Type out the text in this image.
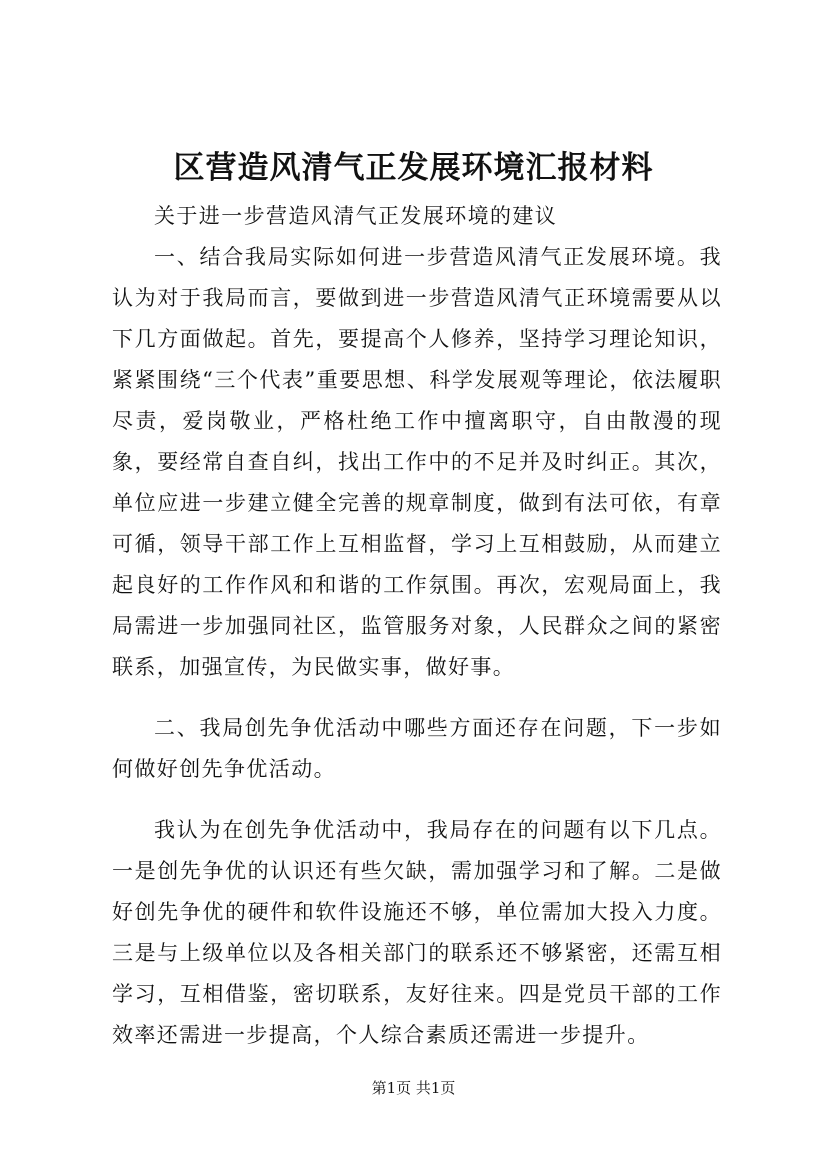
区营造风清气正发展环境汇报材料

关于进一步营造风清气正发展环境的建议

一、结合我局实际如何进一步营造风清气正发展环境。我认为对于我局而言，要做到进一步营造风清气正环境需要从以下几方面做起。首先，要提高个人修养，坚持学习理论知识，紧紧围绕“三个代表”重要思想、科学发展观等理论，依法履职尽责，爱岗敬业，严格杜绝工作中擅离职守，自由散漫的现象，要经常自查自纠，找出工作中的不足并及时纠正。其次，单位应进一步建立健全完善的规章制度，做到有法可依，有章可循，领导干部工作上互相监督，学习上互相鼓励，从而建立起良好的工作作风和和谐的工作氛围。再次，宏观局面上，我局需进一步加强同社区，监管服务对象，人民群众之间的紧密联系，加强宣传，为民做实事，做好事。

二、我局创先争优活动中哪些方面还存在问题，下一步如何做好创先争优活动。

我认为在创先争优活动中，我局存在的问题有以下几点。一是创先争优的认识还有些欠缺，需加强学习和了解。二是做好创先争优的硬件和软件设施还不够，单位需加大投入力度。三是与上级单位以及各相关部门的联系还不够紧密，还需互相学习，互相借鉴，密切联系，友好往来。四是党员干部的工作效率还需进一步提高，个人综合素质还需进一步提升。

第1页 共1页
